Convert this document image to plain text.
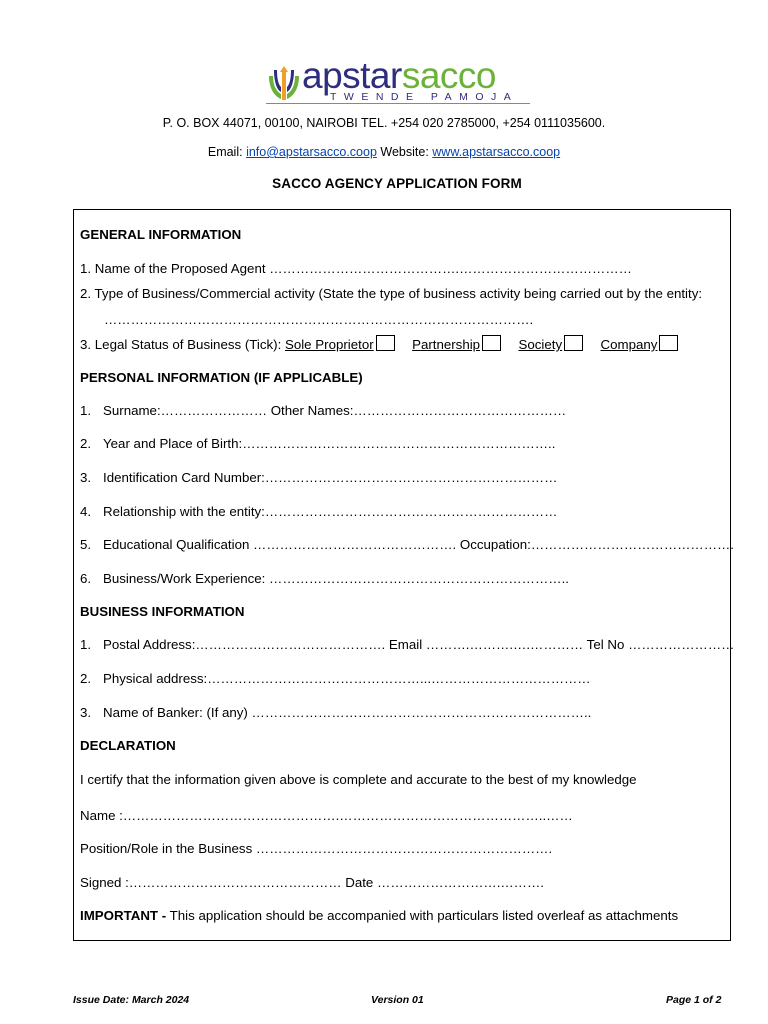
apstarsacco
TWENDE PAMOJA
P. O. BOX 44071, 00100, NAIROBI TEL. +254 020 2785000, +254 0111035600.
Email: info@apstarsacco.coop Website: www.apstarsacco.coop
SACCO AGENCY APPLICATION FORM
GENERAL INFORMATION
1. Name of the Proposed Agent …………………………………….…………………………………
2. Type of Business/Commercial activity (State the type of business activity being carried out by the entity:
…………………………………………………………………………………….
3. Legal Status of Business (Tick): Sole Proprietor	Partnership	Society	Company
PERSONAL INFORMATION (IF APPLICABLE)
1. Surname:…………………… Other Names:…………………………………………
2. Year and Place of Birth:……………………………………………………………..
3. Identification Card Number:…………………………………………………………
4. Relationship with the entity:…………………………………………………………
5. Educational Qualification ………………………………………. Occupation:……………………………………….
6. Business/Work Experience: …………………………………………………………..
BUSINESS INFORMATION
1. Postal Address:……………………………………. Email ……….……….….………… Tel No ……………………
2. Physical address:…………………………………………...………………………………
3. Name of Banker: (If any) …………………………………………………………………..
DECLARATION
I certify that the information given above is complete and accurate to the best of my knowledge
Name :………………………………………….………………………………………..……
Position/Role in the Business ………………………………………………………….
Signed :………………………………………… Date ……………………….……….
IMPORTANT - This application should be accompanied with particulars listed overleaf as attachments
Issue Date: March 2024	Version 01	Page 1 of 2
